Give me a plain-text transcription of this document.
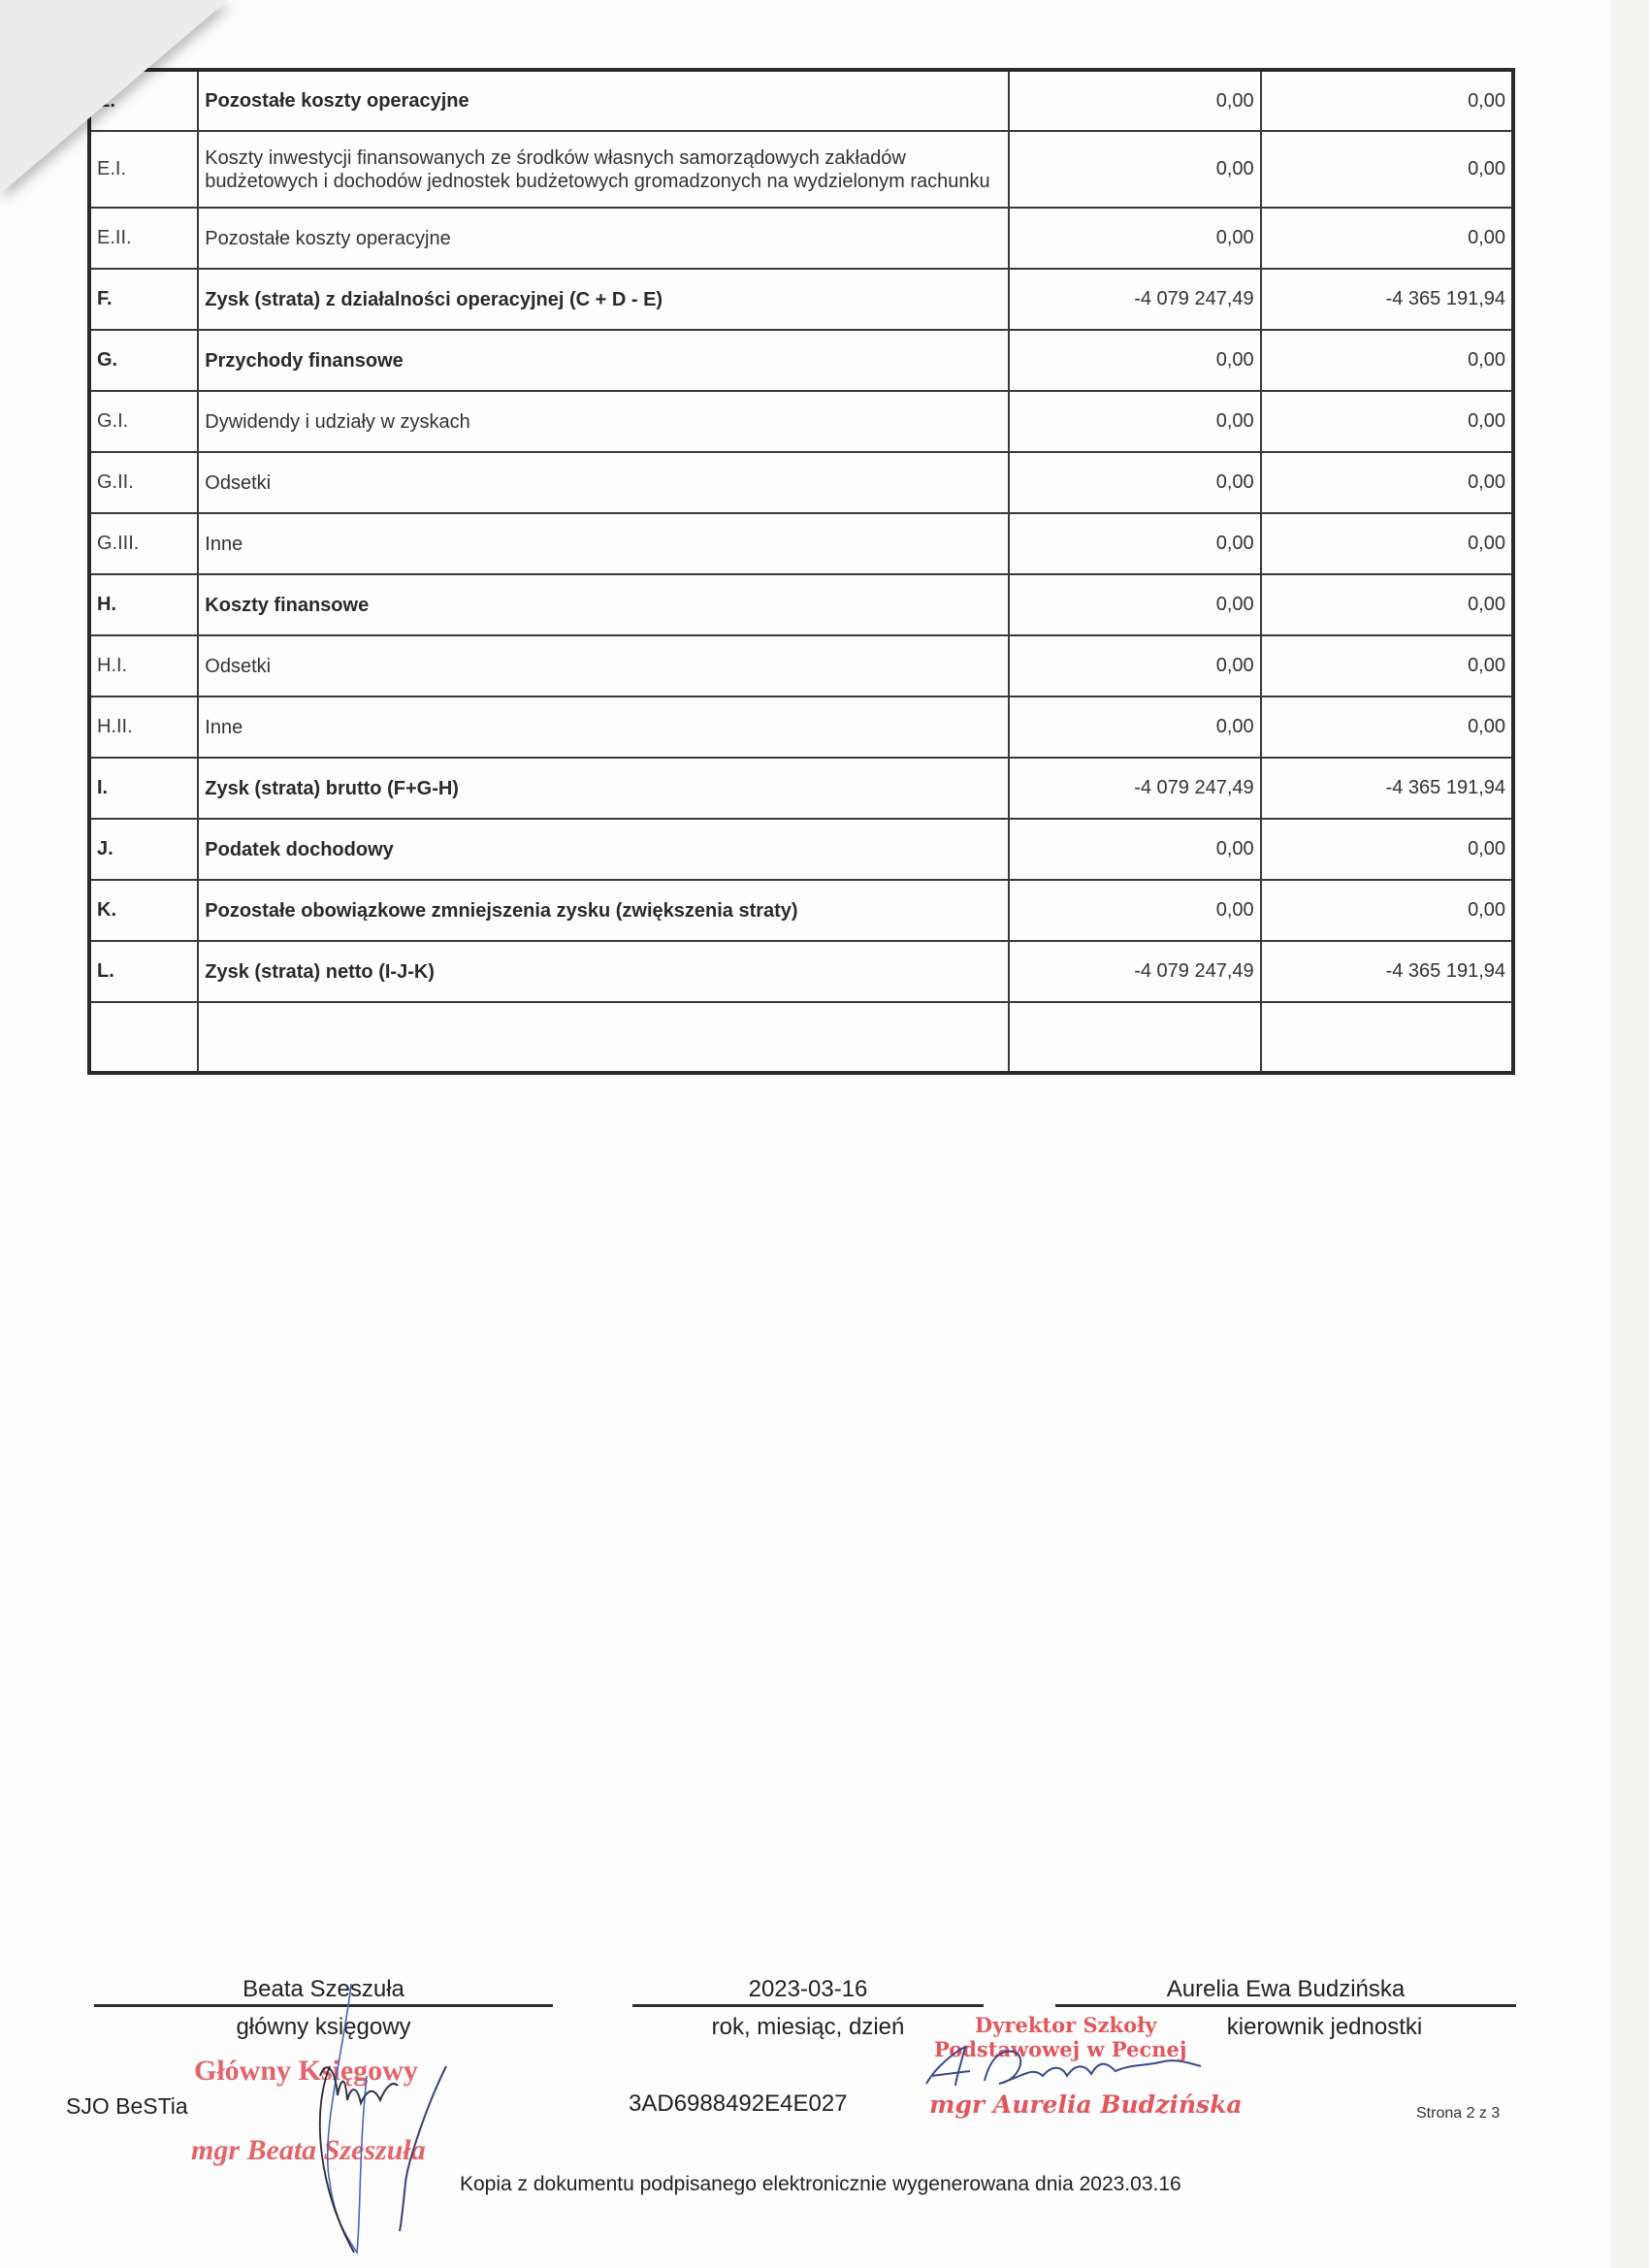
E.	Pozostałe koszty operacyjne	0,00	0,00
E.I.	Koszty inwestycji finansowanych ze środków własnych samorządowych zakładów budżetowych i dochodów jednostek budżetowych gromadzonych na wydzielonym rachunku	0,00	0,00
E.II.	Pozostałe koszty operacyjne	0,00	0,00
F.	Zysk (strata) z działalności operacyjnej (C + D - E)	-4 079 247,49	-4 365 191,94
G.	Przychody finansowe	0,00	0,00
G.I.	Dywidendy i udziały w zyskach	0,00	0,00
G.II.	Odsetki	0,00	0,00
G.III.	Inne	0,00	0,00
H.	Koszty finansowe	0,00	0,00
H.I.	Odsetki	0,00	0,00
H.II.	Inne	0,00	0,00
I.	Zysk (strata) brutto (F+G-H)	-4 079 247,49	-4 365 191,94
J.	Podatek dochodowy	0,00	0,00
K.	Pozostałe obowiązkowe zmniejszenia zysku (zwiększenia straty)	0,00	0,00
L.	Zysk (strata) netto (I-J-K)	-4 079 247,49	-4 365 191,94

Beata Szeszuła
główny księgowy
2023-03-16
rok, miesiąc, dzień
Aurelia Ewa Budzińska
kierownik jednostki
SJO BeSTia	3AD6988492E4E027
Kopia z dokumentu podpisanego elektronicznie wygenerowana dnia 2023.03.16
Strona 2 z 3
Główny Księgowy
mgr Beata Szeszuła
Dyrektor Szkoły
Podstawowej w Pecnej
mgr Aurelia Budzińska
